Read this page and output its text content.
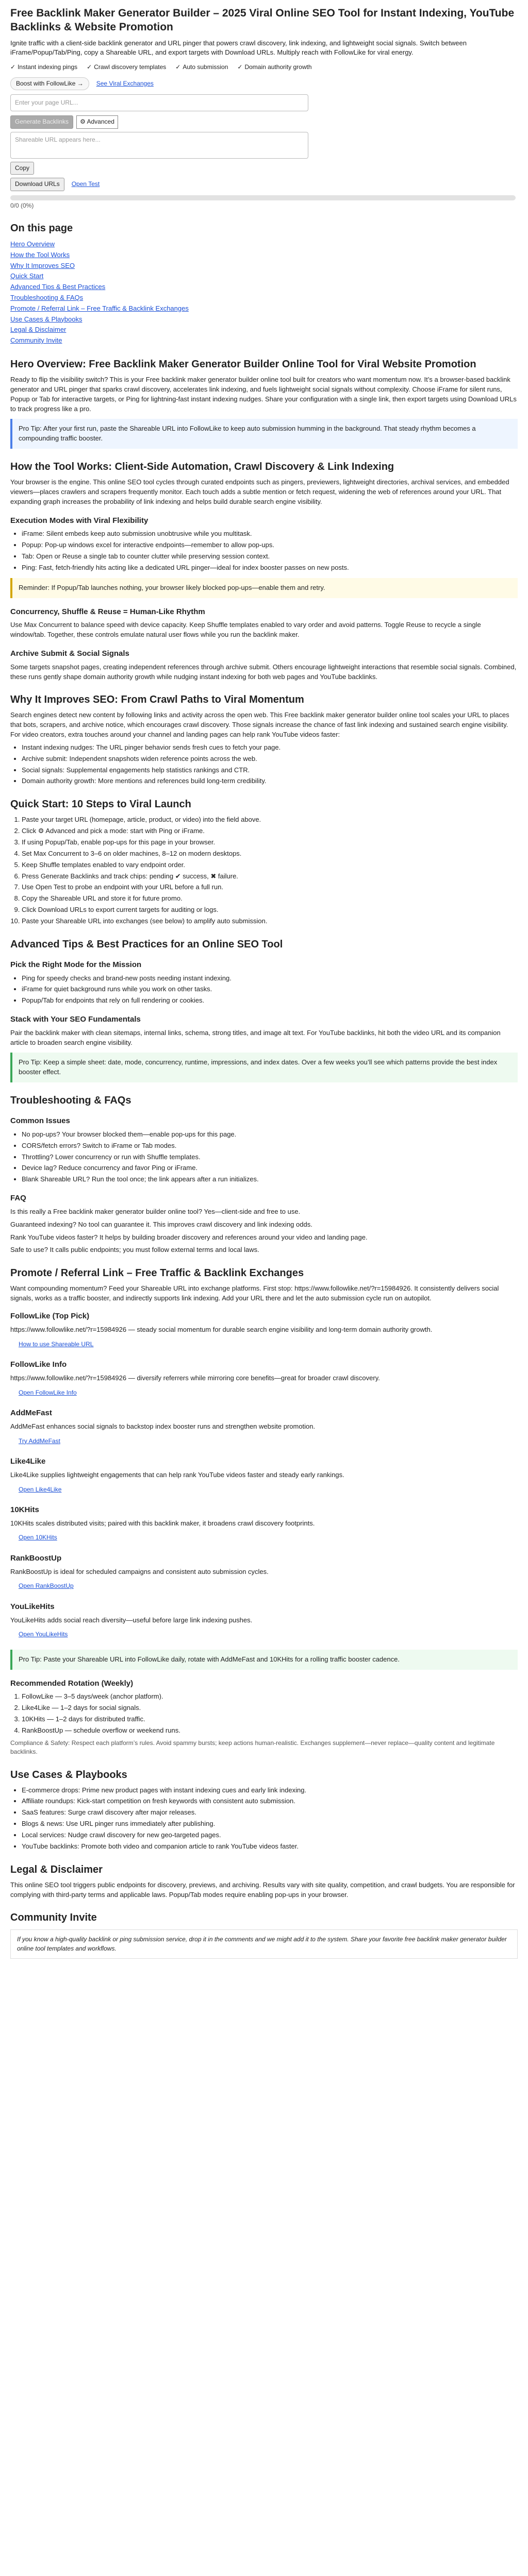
Free Backlink Maker Generator Builder – 2025 Viral Online SEO Tool for Instant Indexing, YouTube Backlinks & Website Promotion

Ignite traffic with a client-side backlink generator and URL pinger that powers crawl discovery, link indexing, and lightweight social signals. Switch between iFrame/Popup/Tab/Ping, copy a Shareable URL, and export targets with Download URLs. Multiply reach with FollowLike for viral energy.

✓ Instant indexing pings ✓ Crawl discovery templates ✓ Auto submission ✓ Domain authority growth
Boost with FollowLike →	See Viral Exchanges
Enter your page URL...
Generate Backlinks	⚙ Advanced
Shareable URL appears here...
Copy
Download URLs	Open Test
0/0 (0%)
On this page
Hero Overview
How the Tool Works
Why It Improves SEO
Quick Start
Advanced Tips & Best Practices
Troubleshooting & FAQs
Promote / Referral Link – Free Traffic & Backlink Exchanges
Use Cases & Playbooks
Legal & Disclaimer
Community Invite
Hero Overview: Free Backlink Maker Generator Builder Online Tool for Viral Website Promotion

Ready to flip the visibility switch? This is your Free backlink maker generator builder online tool built for creators who want momentum now. It’s a browser-based backlink generator and URL pinger that sparks crawl discovery, accelerates link indexing, and fuels lightweight social signals without complexity. Choose iFrame for silent runs, Popup or Tab for interactive targets, or Ping for lightning-fast instant indexing nudges. Share your configuration with a single link, then export targets using Download URLs to track progress like a pro.

Pro Tip: After your first run, paste the Shareable URL into FollowLike to keep auto submission humming in the background. That steady rhythm becomes a compounding traffic booster.
How the Tool Works: Client-Side Automation, Crawl Discovery & Link Indexing

Your browser is the engine. This online SEO tool cycles through curated endpoints such as pingers, previewers, lightweight directories, archival services, and embedded viewers—places crawlers and scrapers frequently monitor. Each touch adds a subtle mention or fetch request, widening the web of references around your URL. That expanding graph increases the probability of link indexing and helps build durable search engine visibility.

Execution Modes with Viral Flexibility
• iFrame: Silent embeds keep auto submission unobtrusive while you multitask.
• Popup: Pop-up windows excel for interactive endpoints—remember to allow pop-ups.
• Tab: Open or Reuse a single tab to counter clutter while preserving session context.
• Ping: Fast, fetch-friendly hits acting like a dedicated URL pinger—ideal for index booster passes on new posts.
Reminder: If Popup/Tab launches nothing, your browser likely blocked pop-ups—enable them and retry.
Concurrency, Shuffle & Reuse = Human-Like Rhythm

Use Max Concurrent to balance speed with device capacity. Keep Shuffle templates enabled to vary order and avoid patterns. Toggle Reuse to recycle a single window/tab. Together, these controls emulate natural user flows while you run the backlink maker.

Archive Submit & Social Signals

Some targets snapshot pages, creating independent references through archive submit. Others encourage lightweight interactions that resemble social signals. Combined, these runs gently shape domain authority growth while nudging instant indexing for both web pages and YouTube backlinks.

Why It Improves SEO: From Crawl Paths to Viral Momentum

Search engines detect new content by following links and activity across the open web. This Free backlink maker generator builder online tool scales your URL to places that bots, scrapers, and archive notice, which encourages crawl discovery. Those signals increase the chance of fast link indexing and sustained search engine visibility. For video creators, extra touches around your channel and landing pages can help rank YouTube videos faster:

• Instant indexing nudges: The URL pinger behavior sends fresh cues to fetch your page.
• Archive submit: Independent snapshots widen reference points across the web.
• Social signals: Supplemental engagements help statistics rankings and CTR.
• Domain authority growth: More mentions and references build long-term credibility.
Quick Start: 10 Steps to Viral Launch
1. Paste your target URL (homepage, article, product, or video) into the field above.
2. Click ⚙ Advanced and pick a mode: start with Ping or iFrame.
3. If using Popup/Tab, enable pop-ups for this page in your browser.
4. Set Max Concurrent to 3–6 on older machines, 8–12 on modern desktops.
5. Keep Shuffle templates enabled to vary endpoint order.
6. Press Generate Backlinks and track chips: pending ✔ success, ✖ failure.
7. Use Open Test to probe an endpoint with your URL before a full run.
8. Copy the Shareable URL and store it for future promo.
9. Click Download URLs to export current targets for auditing or logs.
10. Paste your Shareable URL into exchanges (see below) to amplify auto submission.
Advanced Tips & Best Practices for an Online SEO Tool
Pick the Right Mode for the Mission
• Ping for speedy checks and brand-new posts needing instant indexing.
• iFrame for quiet background runs while you work on other tasks.
• Popup/Tab for endpoints that rely on full rendering or cookies.
Stack with Your SEO Fundamentals

Pair the backlink maker with clean sitemaps, internal links, schema, strong titles, and image alt text. For YouTube backlinks, hit both the video URL and its companion article to broaden search engine visibility.

Pro Tip: Keep a simple sheet: date, mode, concurrency, runtime, impressions, and index dates. Over a few weeks you’ll see which patterns provide the best index booster effect.
Troubleshooting & FAQs
Common Issues
• No pop-ups? Your browser blocked them—enable pop-ups for this page.
• CORS/fetch errors? Switch to iFrame or Tab modes.
• Throttling? Lower concurrency or run with Shuffle templates.
• Device lag? Reduce concurrency and favor Ping or iFrame.
• Blank Shareable URL? Run the tool once; the link appears after a run initializes.
FAQ

Is this really a Free backlink maker generator builder online tool? Yes—client-side and free to use.

Guaranteed indexing? No tool can guarantee it. This improves crawl discovery and link indexing odds.

Rank YouTube videos faster? It helps by building broader discovery and references around your video and landing page.

Safe to use? It calls public endpoints; you must follow external terms and local laws.

Promote / Referral Link – Free Traffic & Backlink Exchanges

Want compounding momentum? Feed your Shareable URL into exchange platforms. First stop: https://www.followlike.net/?r=15984926. It consistently delivers social signals, works as a traffic booster, and indirectly supports link indexing. Add your URL there and let the auto submission cycle run on autopilot.

FollowLike (Top Pick)

https://www.followlike.net/?r=15984926 — steady social momentum for durable search engine visibility and long-term domain authority growth.

How to use Shareable URL
FollowLike Info

https://www.followlike.net/?r=15984926 — diversify referrers while mirroring core benefits—great for broader crawl discovery.

Open FollowLike Info
AddMeFast

AddMeFast enhances social signals to backstop index booster runs and strengthen website promotion.

Try AddMeFast
Like4Like

Like4Like supplies lightweight engagements that can help rank YouTube videos faster and steady early rankings.

Open Like4Like
10KHits

10KHits scales distributed visits; paired with this backlink maker, it broadens crawl discovery footprints.

Open 10KHits
RankBoostUp

RankBoostUp is ideal for scheduled campaigns and consistent auto submission cycles.

Open RankBoostUp
YouLikeHits

YouLikeHits adds social reach diversity—useful before large link indexing pushes.

Open YouLikeHits
Pro Tip: Paste your Shareable URL into FollowLike daily, rotate with AddMeFast and 10KHits for a rolling traffic booster cadence.
Recommended Rotation (Weekly)
1. FollowLike — 3–5 days/week (anchor platform).
2. Like4Like — 1–2 days for social signals.
3. 10KHits — 1–2 days for distributed traffic.
4. RankBoostUp — schedule overflow or weekend runs.

Compliance & Safety: Respect each platform’s rules. Avoid spammy bursts; keep actions human-realistic. Exchanges supplement—never replace—quality content and legitimate backlinks.

Use Cases & Playbooks
• E-commerce drops: Prime new product pages with instant indexing cues and early link indexing.
• Affiliate roundups: Kick-start competition on fresh keywords with consistent auto submission.
• SaaS features: Surge crawl discovery after major releases.
• Blogs & news: Use URL pinger runs immediately after publishing.
• Local services: Nudge crawl discovery for new geo-targeted pages.
• YouTube backlinks: Promote both video and companion article to rank YouTube videos faster.
Legal & Disclaimer

This online SEO tool triggers public endpoints for discovery, previews, and archiving. Results vary with site quality, competition, and crawl budgets. You are responsible for complying with third-party terms and applicable laws. Popup/Tab modes require enabling pop-ups in your browser.

Community Invite
If you know a high-quality backlink or ping submission service, drop it in the comments and we might add it to the system. Share your favorite free backlink maker generator builder online tool templates and workflows.
